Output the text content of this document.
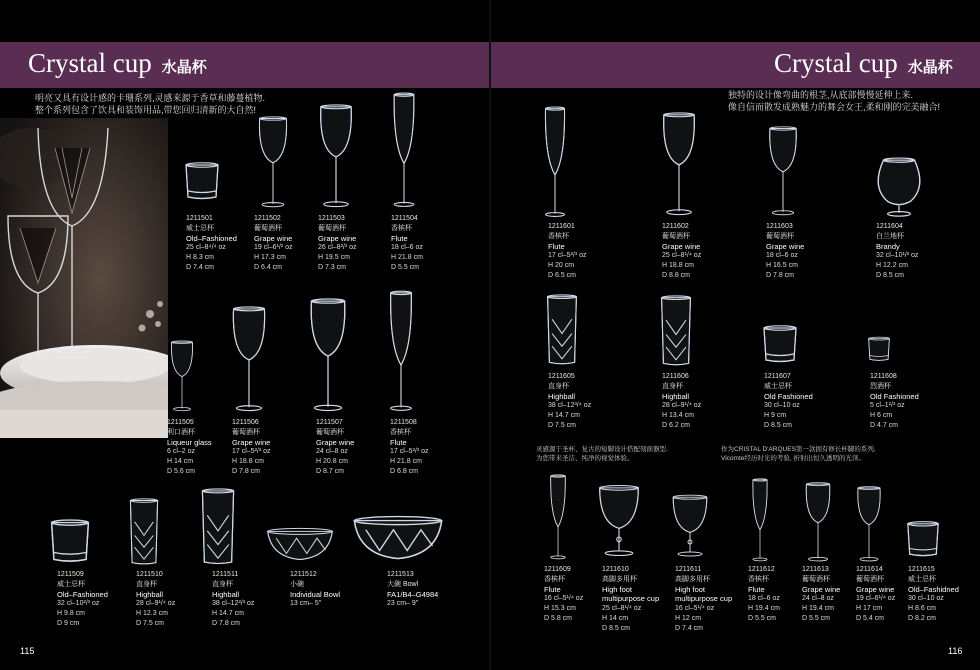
Crystal cup 水晶杯	Crystal cup 水晶杯
明亮又具有设计感的卡珊系列,灵感来源于香草和藤蔓植物.
整个系列包含了饮具和装饰用品,带您回归清新的大自然!
独特的设计像弯曲的根茎,从底部慢慢延伸上来.
像自信而散发成熟魅力的舞会女王,柔和刚的完美融合!
灵感源于圣杯、复古的短脚设计搭配刻面器型.
为您带来圣洁、纯净的视觉体验。
作为CRISTAL D'ARQUES第一款拥有修长杯脚的系列,
Vicomte经历时光的考验, 折射出恒久透明的光泽。
115	116
1211501
威士忌杯
Old–Fashioned
25 cl–8⁴/⁴ oz
H 8.3 cm
D 7.4 cm
1211502
葡萄酒杯
Grape wine
19 cl–6¹/² oz
H 17.3 cm
D 6.4 cm
1211503
葡萄酒杯
Grape wine
26 cl–8²/³ oz
H 19.5 cm
D 7.3 cm
1211504
香槟杯
Flute
18 cl–6 oz
H 21.8 cm
D 5.5 cm
1211505
利口酒杯
Liqueur glass
6 cl–2 oz
H 14 cm
D 5.6 cm
1211506
葡萄酒杯
Grape wine
17 cl–5²/³ oz
H 18.8 cm
D 7.8 cm
1211507
葡萄酒杯
Grape wine
24 cl–8 oz
H 20.8 cm
D 8.7 cm
1211508
香槟杯
Flute
17 cl–5²/³ oz
H 21.8 cm
D 6.8 cm
1211509
威士忌杯
Old–Fashioned
32 cl–10²/³ oz
H 9.8 cm
D 9 cm
1211510
直身杯
Highball
28 cl–9¹/⁴ oz
H 12.3 cm
D 7.5 cm
1211511
直身杯
Highball
38 cl–12²/³ oz
H 14.7 cm
D 7.8 cm
1211512
小碗
Individual Bowl
13 cm– 5"
1211513
大碗 Bowl
FA1/B4–G4984
23 cm– 9"
1211601
香槟杯
Flute
17 cl–5²/³ oz
H 20 cm
D 6.5 cm
1211602
葡萄酒杯
Grape wine
25 cl–8¹/⁴ oz
H 18.8 cm
D 8.8 cm
1211603
葡萄酒杯
Grape wine
18 cl–6 oz
H 16.5 cm
D 7.8 cm
1211604
白兰地杯
Brandy
32 cl–10¹/² oz
H 12.2 cm
D 8.5 cm
1211605
直身杯
Highball
38 cl–12³/⁴ oz
H 14.7 cm
D 7.5 cm
1211606
直身杯
Highball
28 cl–9¹/⁴ oz
H 13.4 cm
D 6.2 cm
1211607
威士忌杯
Old Fashioned
30 cl–10 oz
H 9 cm
D 8.5 cm
1211608
烈酒杯
Old Fashioned
5 cl–1²/³ oz
H 6 cm
D 4.7 cm
1211609
香槟杯
Flute
16 cl–5¹/⁴ oz
H 15.3 cm
D 5.8 cm
1211610
高脚多用杯
High foot
multipurpose cup
25 cl–8¹/⁴ oz
H 14 cm
D 8.5 cm
1211611
高脚多用杯
High foot
multipurpose cup
16 cl–5¹/⁴ oz
H 12 cm
D 7.4 cm
1211612
香槟杯
Flute
18 cl–6 oz
H 19.4 cm
D 5.5 cm
1211613
葡萄酒杯
Grape wine
24 cl–8 oz
H 19.4 cm
D 5.5 cm
1211614
葡萄酒杯
Grape wine
19 cl–6¹/⁴ oz
H 17 cm
D 5.4 cm
1211615
威士忌杯
Old–Fashidned
30 cl–10 oz
H 8.6 cm
D 8.2 cm
